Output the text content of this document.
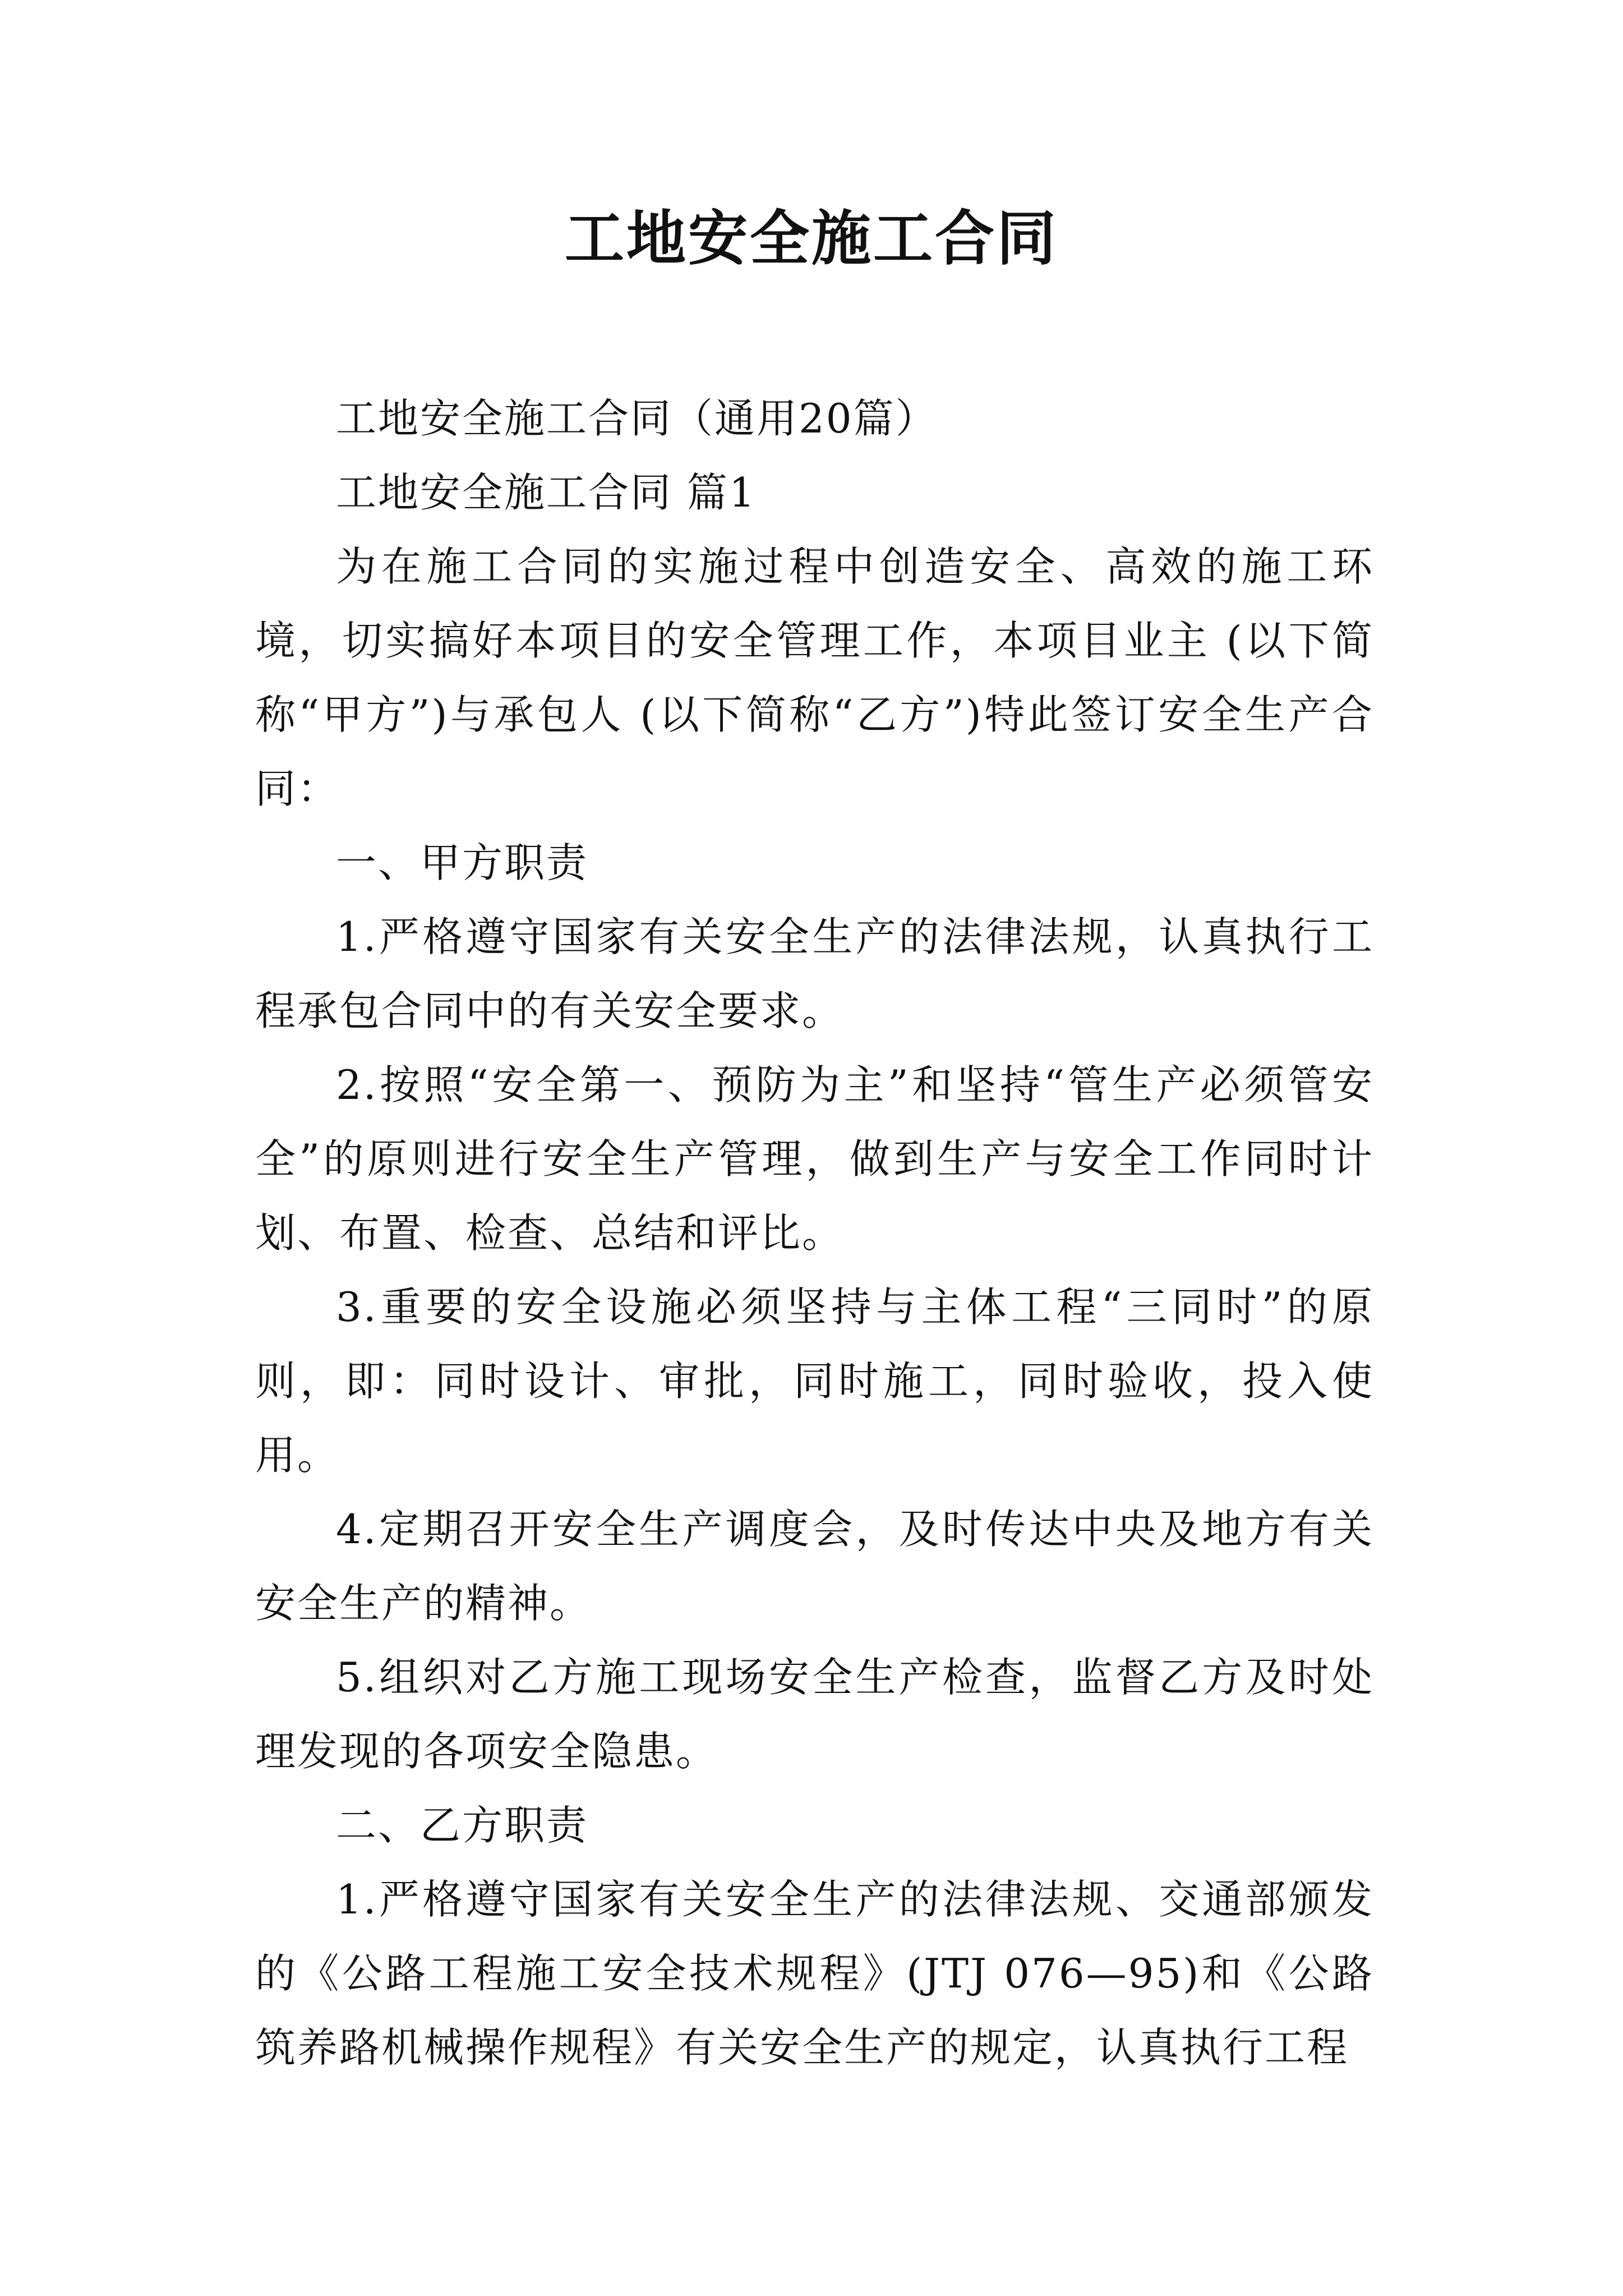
工地安全施工合同

工地安全施工合同（通用20篇）

工地安全施工合同 篇1

为在施工合同的实施过程中创造安全、高效的施工环境，切实搞好本项目的安全管理工作，本项目业主 (以下简称“甲方”)与承包人 (以下简称“乙方”)特此签订安全生产合同：

一、甲方职责

1.严格遵守国家有关安全生产的法律法规，认真执行工程承包合同中的有关安全要求。

2.按照“安全第一、预防为主”和坚持“管生产必须管安全”的原则进行安全生产管理，做到生产与安全工作同时计划、布置、检查、总结和评比。

3.重要的安全设施必须坚持与主体工程“三同时”的原则，即：同时设计、审批，同时施工，同时验收，投入使用。

4.定期召开安全生产调度会，及时传达中央及地方有关安全生产的精神。

5.组织对乙方施工现场安全生产检查，监督乙方及时处理发现的各项安全隐患。

二、乙方职责

1.严格遵守国家有关安全生产的法律法规、交通部颁发的《公路工程施工安全技术规程》(JTJ 076—95)和《公路筑养路机械操作规程》有关安全生产的规定，认真执行工程
